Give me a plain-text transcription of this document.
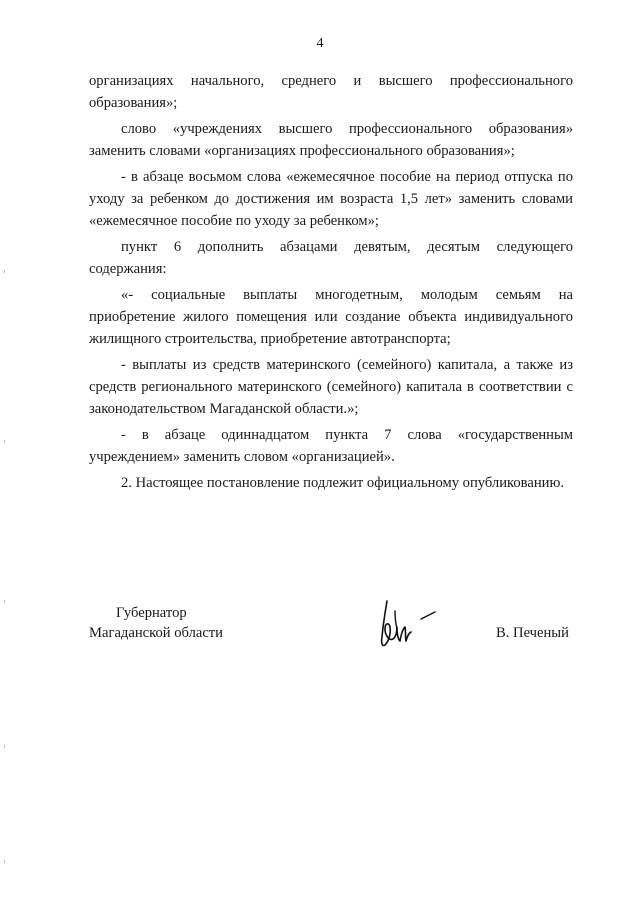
4

организациях начального, среднего и высшего профессионального образования»;

слово «учреждениях высшего профессионального образования» заменить словами «организациях профессионального образования»;

- в абзаце восьмом слова «ежемесячное пособие на период отпуска по уходу за ребенком до достижения им возраста 1,5 лет» заменить словами «ежемесячное пособие по уходу за ребенком»;

пункт 6 дополнить абзацами девятым, десятым следующего содержания:

«- социальные выплаты многодетным, молодым семьям на приобретение жилого помещения или создание объекта индивидуального жилищного строительства, приобретение автотранспорта;

- выплаты из средств материнского (семейного) капитала, а также из средств регионального материнского (семейного) капитала в соответствии с законодательством Магаданской области.»;

- в абзаце одиннадцатом пункта 7 слова «государственным учреждением» заменить словом «организацией».

2. Настоящее постановление подлежит официальному опубликованию.

Губернатор
Магаданской области	В. Печеный
